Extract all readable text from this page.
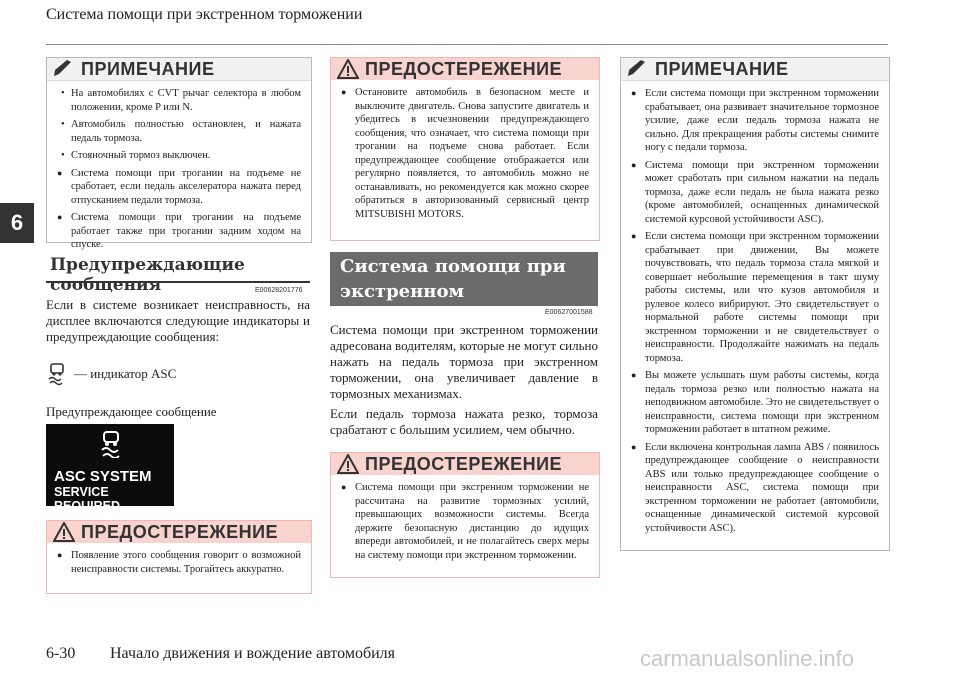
Система помощи при экстренном торможении
6
ПРИМЕЧАНИЕ
• На автомобилях с CVT рычаг селектора в любом положении, кроме P или N.
• Автомобиль полностью остановлен, и нажата педаль тормоза.
• Стояночный тормоз выключен.
● Система помощи при трогании на подъеме не сработает, если педаль акселератора нажата перед отпусканием педали тормоза.
● Система помощи при трогании на подъеме работает также при трогании задним ходом на спуске.
Предупреждающие сообщения	E00628201776
Если в системе возникает неисправность, на дисплее включаются следующие индикаторы и предупреждающие сообщения:
— индикатор ASC
Предупреждающее сообщение
ASC SYSTEM
SERVICE REQUIRED
ПРЕДОСТЕРЕЖЕНИЕ
● Появление этого сообщения говорит о возможной неисправности системы. Трогайтесь аккуратно.
ПРЕДОСТЕРЕЖЕНИЕ
● Остановите автомобиль в безопасном месте и выключите двигатель. Снова запустите двигатель и убедитесь в исчезновении предупреждающего сообщения, что означает, что система помощи при трогании на подъеме снова работает. Если предупреждающее сообщение отображается или регулярно появляется, то автомобиль можно не останавливать, но рекомендуется как можно скорее обратиться в авторизованный сервисный центр MITSUBISHI MOTORS.
Система помощи при экстренном торможении	E00627001588
Система помощи при экстренном торможении адресована водителям, которые не могут сильно нажать на педаль тормоза при экстренном торможении, она увеличивает давление в тормозных механизмах.
Если педаль тормоза нажата резко, тормоза срабатают с большим усилием, чем обычно.
ПРЕДОСТЕРЕЖЕНИЕ
● Система помощи при экстренном торможении не рассчитана на развитие тормозных усилий, превышающих возможности системы. Всегда держите безопасную дистанцию до идущих впереди автомобилей, и не полагайтесь сверх меры на систему помощи при экстренном торможении.
ПРИМЕЧАНИЕ
● Если система помощи при экстренном торможении срабатывает, она развивает значительное тормозное усилие, даже если педаль тормоза нажата не сильно. Для прекращения работы системы снимите ногу с педали тормоза.
● Система помощи при экстренном торможении может сработать при сильном нажатии на педаль тормоза, даже если педаль не была нажата резко (кроме автомобилей, оснащенных динамической системой курсовой устойчивости ASC).
● Если система помощи при экстренном торможении срабатывает при движении, Вы можете почувствовать, что педаль тормоза стала мягкой и совершает небольшие перемещения в такт шуму работы системы, или что кузов автомобиля и рулевое колесо вибрируют. Это свидетельствует о нормальной работе системы помощи при экстренном торможении и не свидетельствует о неисправности. Продолжайте нажимать на педаль тормоза.
● Вы можете услышать шум работы системы, когда педаль тормоза резко или полностью нажата на неподвижном автомобиле. Это не свидетельствует о неисправности, система помощи при экстренном торможении работает в штатном режиме.
● Если включена контрольная лампа ABS / появилось предупреждающее сообщение о неисправности ABS или только предупреждающее сообщение о неисправности ASC, система помощи при экстренном торможении не работает (автомобили, оснащенные динамической системой курсовой устойчивости ASC).
6-30 Начало движения и вождение автомобиля	carmanualsonline.info
